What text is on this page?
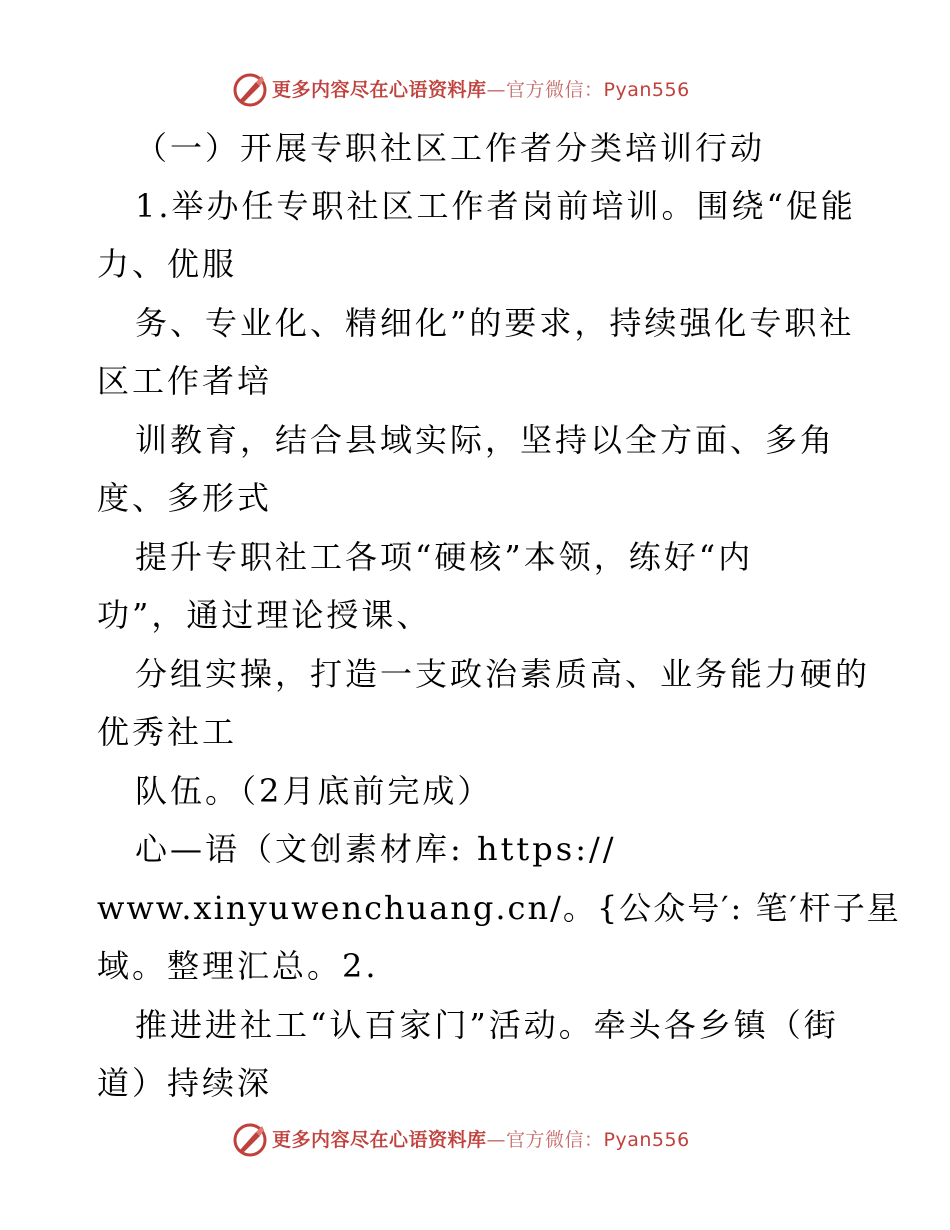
更多内容尽在心语资料库—官方微信：Pyan556
（一）开展专职社区工作者分类培训行动
1.举办任专职社区工作者岗前培训。围绕“促能
力、优服
务、专业化、精细化”的要求，持续强化专职社
区工作者培
训教育，结合县域实际，坚持以全方面、多角
度、多形式
提升专职社工各项“硬核”本领，练好“内
功”，通过理论授课、
分组实操，打造一支政治素质高、业务能力硬的
优秀社工
队伍。（2月底前完成）
心—语（文创素材库: https://
www.xinyuwenchuang.cn/。{公众号′: 笔′杆子星
域。整理汇总。2.
推进进社工“认百家门”活动。牵头各乡镇（街
道）持续深
更多内容尽在心语资料库—官方微信：Pyan556
